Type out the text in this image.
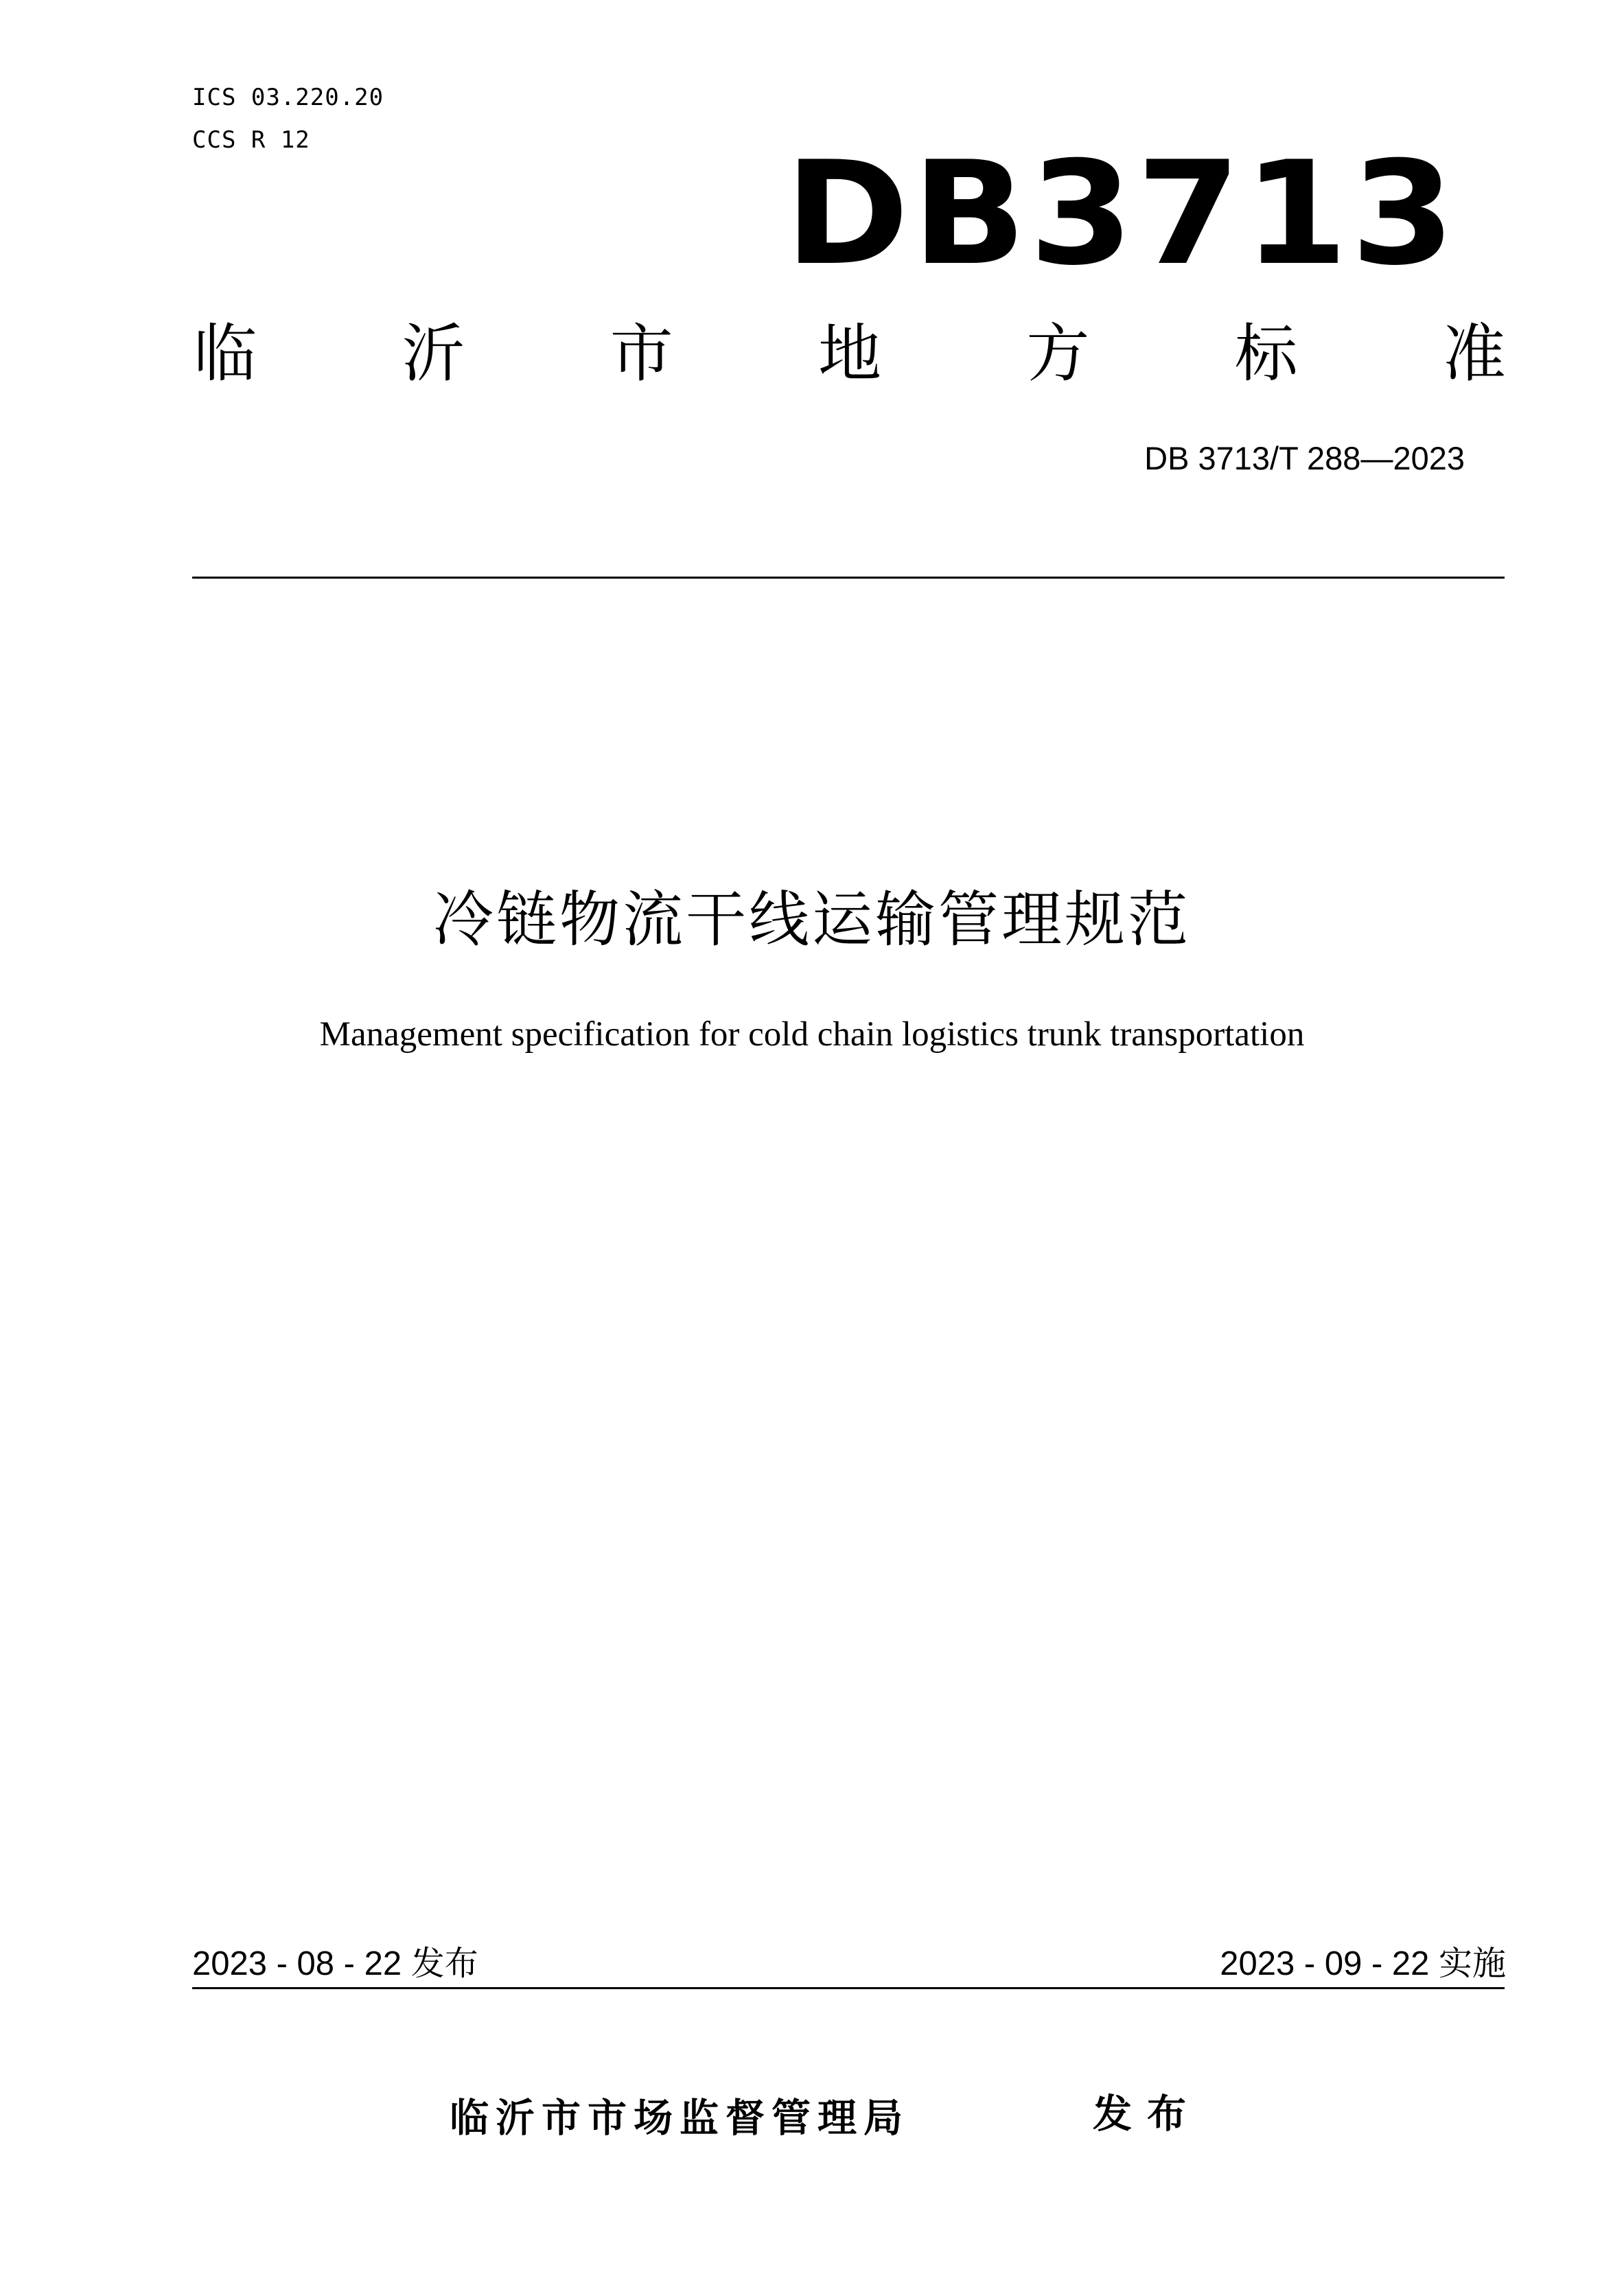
ICS 03.220.20
CCS R 12	DB3713
临 沂 市 地 方 标 准
DB 3713/T 288—2023
冷链物流干线运输管理规范
Management specification for cold chain logistics trunk transportation
2023 - 08 - 22 发布	2023 - 09 - 22 实施
临沂市市场监督管理局	发布
